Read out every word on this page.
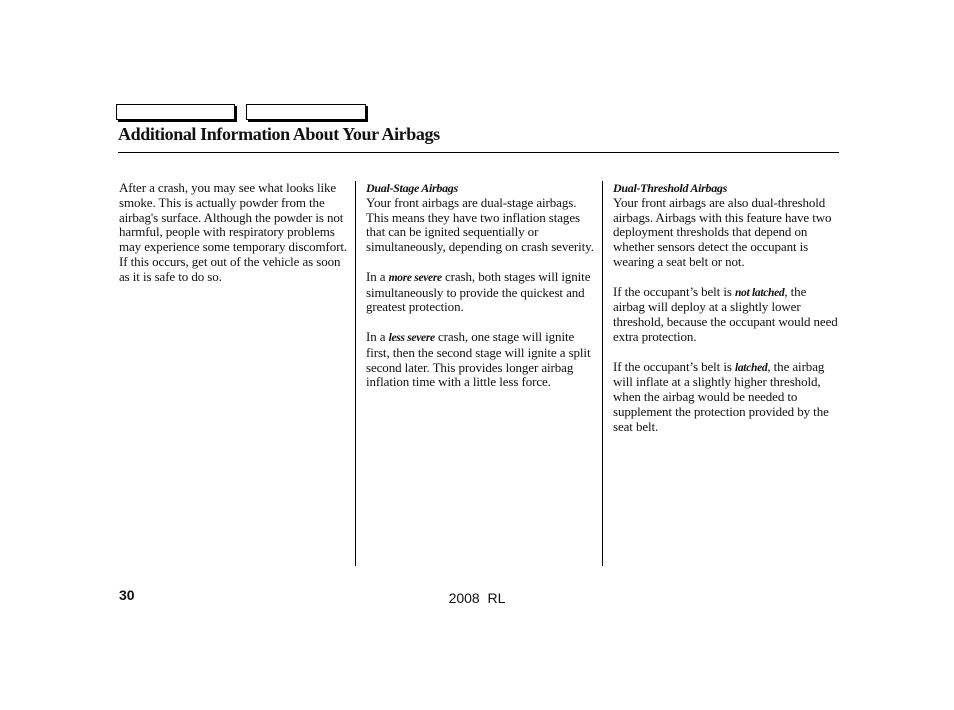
Additional Information About Your Airbags

After a crash, you may see what looks like smoke. This is actually powder from the airbag's surface. Although the powder is not harmful, people with respiratory problems may experience some temporary discomfort. If this occurs, get out of the vehicle as soon as it is safe to do so.

Dual-Stage Airbags

Your front airbags are dual-stage airbags. This means they have two inflation stages that can be ignited sequentially or simultaneously, depending on crash severity.

In a more severe crash, both stages will ignite simultaneously to provide the quickest and greatest protection.

In a less severe crash, one stage will ignite first, then the second stage will ignite a split second later. This provides longer airbag inflation time with a little less force.

Dual-Threshold Airbags

Your front airbags are also dual-threshold airbags. Airbags with this feature have two deployment thresholds that depend on whether sensors detect the occupant is wearing a seat belt or not.

If the occupant’s belt is not latched, the airbag will deploy at a slightly lower threshold, because the occupant would need extra protection.

If the occupant’s belt is latched, the airbag will inflate at a slightly higher threshold, when the airbag would be needed to supplement the protection provided by the seat belt.

30	2008  RL
